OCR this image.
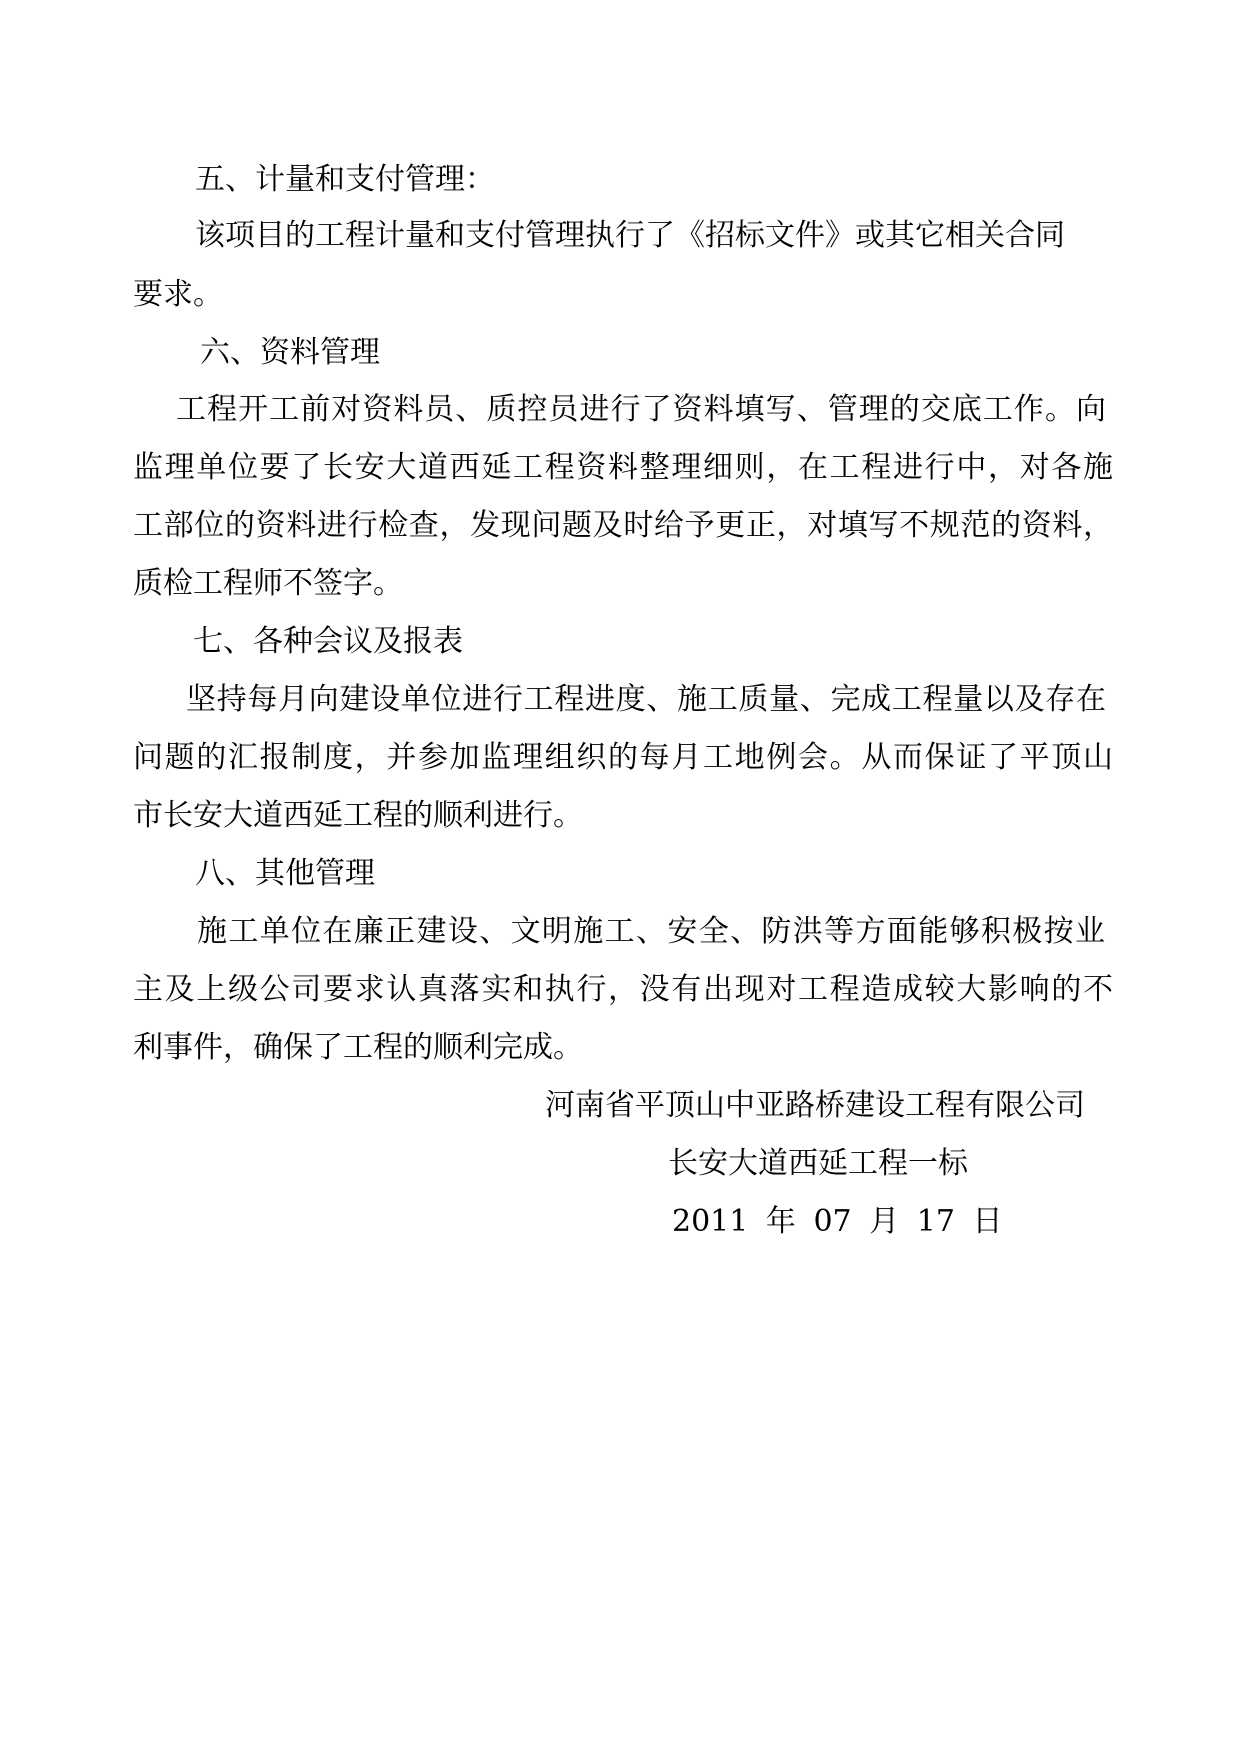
五、计量和支付管理：
该项目的工程计量和支付管理执行了《招标文件》或其它相关合同
要求。
六、资料管理
工程开工前对资料员、质控员进行了资料填写、管理的交底工作。向
监理单位要了长安大道西延工程资料整理细则，在工程进行中，对各施
工部位的资料进行检查，发现问题及时给予更正，对填写不规范的资料，
质检工程师不签字。
七、各种会议及报表
坚持每月向建设单位进行工程进度、施工质量、完成工程量以及存在
问题的汇报制度，并参加监理组织的每月工地例会。从而保证了平顶山
市长安大道西延工程的顺利进行。
八、其他管理
施工单位在廉正建设、文明施工、安全、防洪等方面能够积极按业
主及上级公司要求认真落实和执行，没有出现对工程造成较大影响的不
利事件，确保了工程的顺利完成。
河南省平顶山中亚路桥建设工程有限公司
长安大道西延工程一标
2011 年 07 月 17 日
